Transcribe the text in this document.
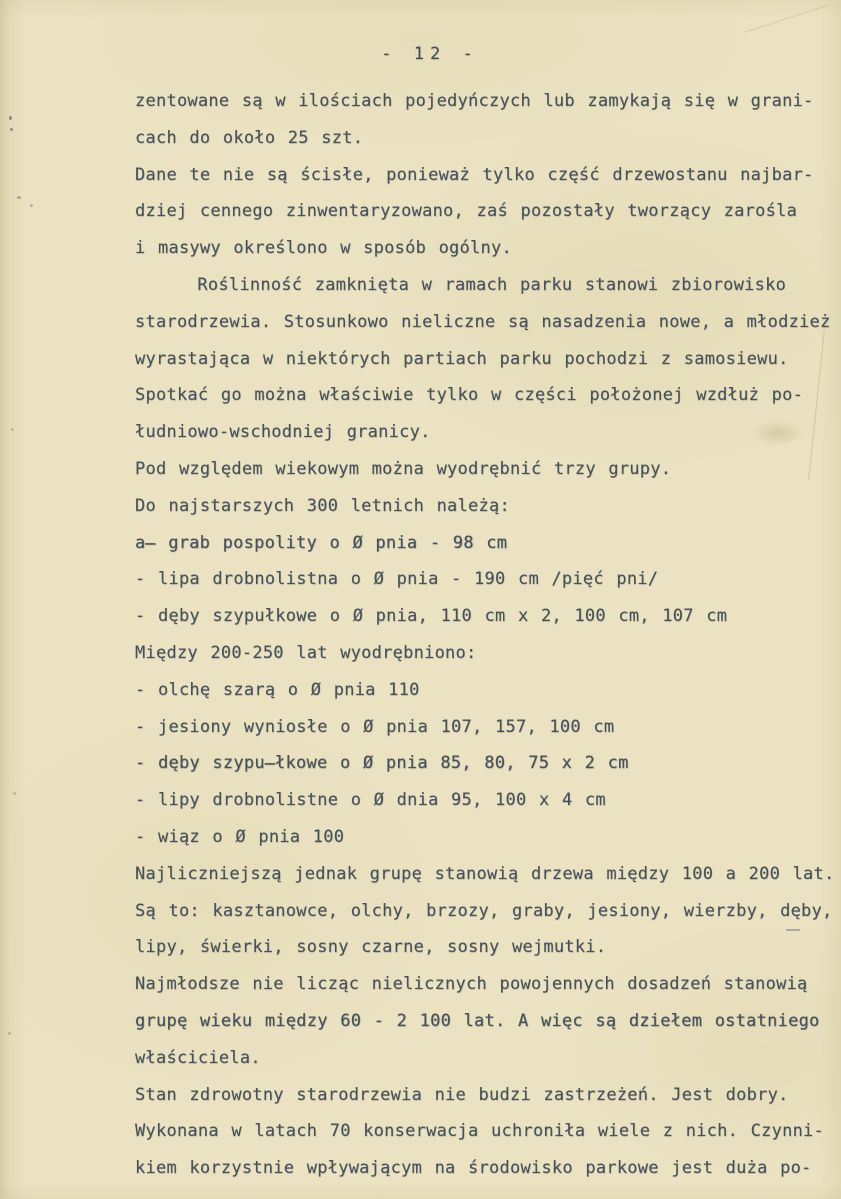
- 12 -
zentowane są w ilościach pojedyńczych lub zamykają się w grani-
cach do około 25 szt.
Dane te nie są ścisłe, ponieważ tylko część drzewostanu najbar-
dziej cennego zinwentaryzowano, zaś pozostały tworzący zarośla
i masywy określono w sposób ogólny.
Roślinność zamknięta w ramach parku stanowi zbiorowisko
starodrzewia. Stosunkowo nieliczne są nasadzenia nowe, a młodzież
wyrastająca w niektórych partiach parku pochodzi z samosiewu.
Spotkać go można właściwie tylko w części położonej wzdłuż po-
łudniowo-wschodniej granicy.
Pod względem wiekowym można wyodrębnić trzy grupy.
Do najstarszych 300 letnich należą:
a̶ grab pospolity o Ø pnia - 98 cm
- lipa drobnolistna o Ø pnia - 190 cm /pięć pni/
- dęby szypułkowe o Ø pnia, 110 cm x 2, 100 cm, 107 cm
Między 200-250 lat wyodrębniono:
- olchę szarą o Ø pnia 110
- jesiony wyniosłe o Ø pnia 107, 157, 100 cm
- dęby szypu̶łkowe o Ø pnia 85, 80, 75 x 2 cm
- lipy drobnolistne o Ø dnia 95, 100 x 4 cm
- wiąz o Ø pnia 100
Najliczniejszą jednak grupę stanowią drzewa między 100 a 200 lat.
Są to: kasztanowce, olchy, brzozy, graby, jesiony, wierzby, dęby,
lipy, świerki, sosny czarne, sosny wejmutki.
Najmłodsze nie licząc nielicznych powojennych dosadzeń stanowią
grupę wieku między 60 - 2 100 lat. A więc są dziełem ostatniego
właściciela.
Stan zdrowotny starodrzewia nie budzi zastrzeżeń. Jest dobry.
Wykonana w latach 70 konserwacja uchroniła wiele z nich. Czynni-
kiem korzystnie wpływającym na środowisko parkowe jest duża po-
